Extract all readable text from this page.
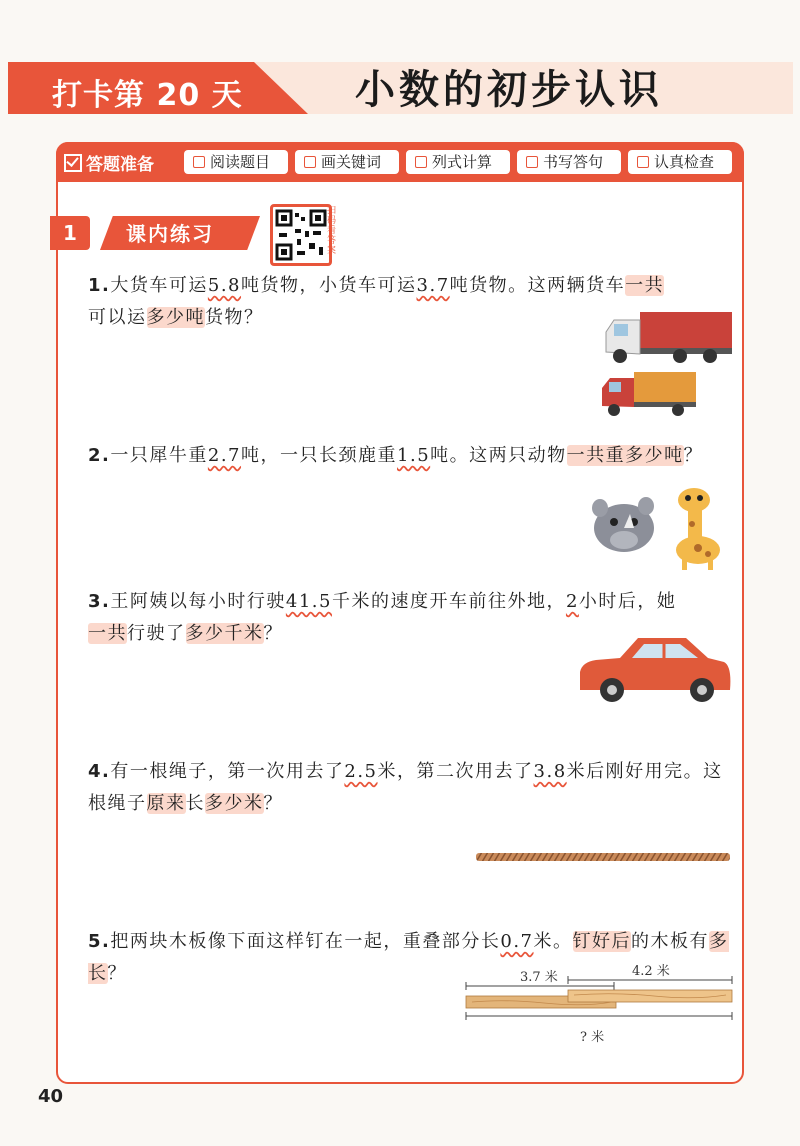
打卡第 20 天	小数的初步认识
答题准备	阅读题目	画关键词	列式计算	书写答句	认真检查
1	课内练习
扫码看答案
1.大货车可运5.8吨货物，小货车可运3.7吨货物。这两辆货车一共
可以运多少吨货物？
2.一只犀牛重2.7吨，一只长颈鹿重1.5吨。这两只动物一共重多少吨？
3.王阿姨以每小时行驶41.5千米的速度开车前往外地，2小时后，她
一共行驶了多少千米？
4.有一根绳子，第一次用去了2.5米，第二次用去了3.8米后刚好用完。这根绳子原来长多少米？
5.把两块木板像下面这样钉在一起，重叠部分长0.7米。钉好后的木板有多长？	3.7 米	4.2 米
? 米
40
